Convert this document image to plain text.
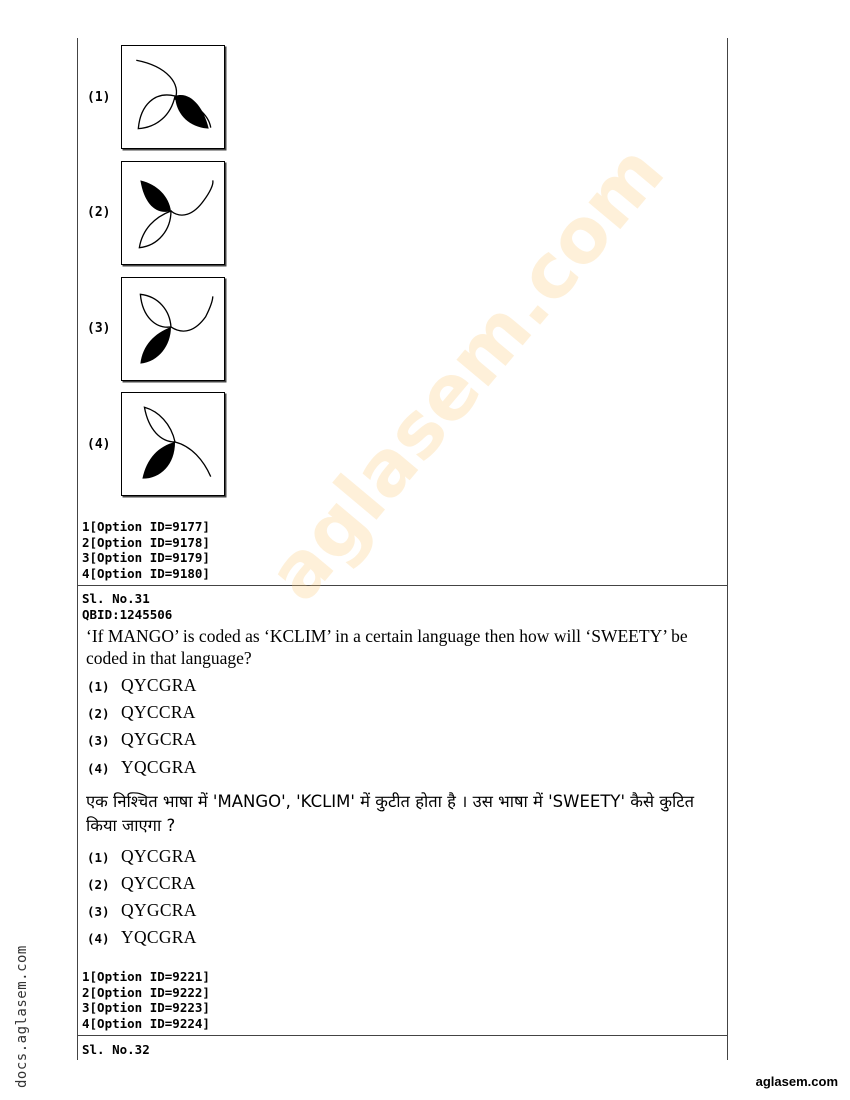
(1)
(2)
(3)
(4)
1[Option ID=9177]
2[Option ID=9178]
3[Option ID=9179]
4[Option ID=9180]
Sl. No.31
QBID:1245506
‘If MANGO’ is coded as ‘KCLIM’ in a certain language then how will ‘SWEETY’ be coded in that language?
(1) QYCGRA
(2) QYCCRA
(3) QYGCRA
(4) YQCGRA
एक निश्चित भाषा में 'MANGO', 'KCLIM' में कुटीत होता है । उस भाषा में 'SWEETY' कैसे कुटित किया जाएगा ?
(1) QYCGRA
(2) QYCCRA
(3) QYGCRA
(4) YQCGRA
1[Option ID=9221]
2[Option ID=9222]
3[Option ID=9223]
4[Option ID=9224]
Sl. No.32
aglasem.com
docs.aglasem.com	aglasem.com
